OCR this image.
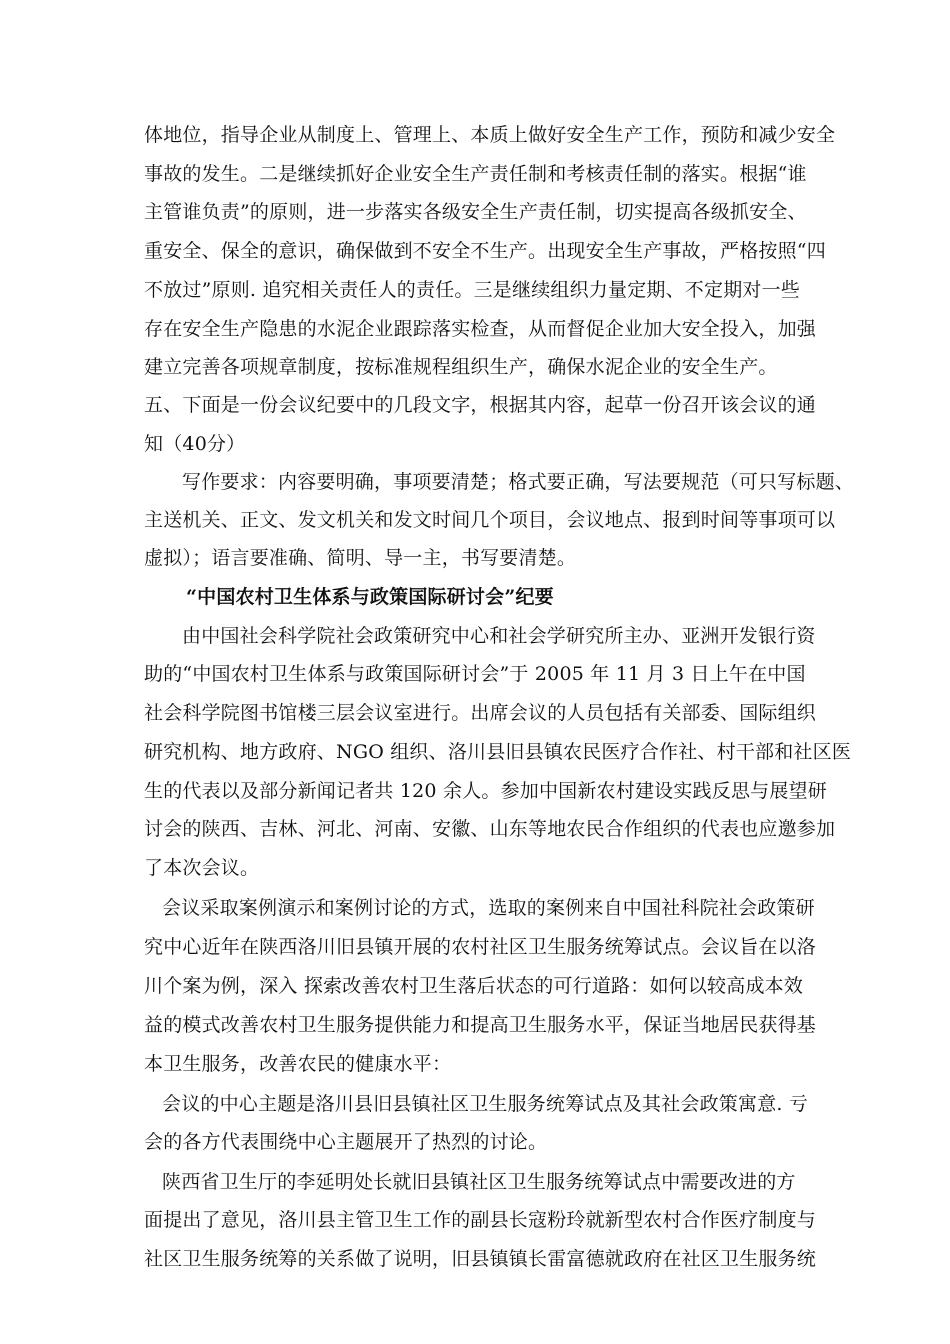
体地位，指导企业从制度上、管理上、本质上做好安全生产工作，预防和减少安全
事故的发生。二是继续抓好企业安全生产责任制和考核责任制的落实。根据“谁
主管谁负责”的原则，进一步落实各级安全生产责任制，切实提高各级抓安全、
重安全、保全的意识，确保做到不安全不生产。出现安全生产事故，严格按照“四
不放过”原则. 追究相关责任人的责任。三是继续组织力量定期、不定期对一些
存在安全生产隐患的水泥企业跟踪落实检查，从而督促企业加大安全投入，加强
建立完善各项规章制度，按标准规程组织生产，确保水泥企业的安全生产。
五、下面是一份会议纪要中的几段文字，根据其内容，起草一份召开该会议的通
知（40分）
写作要求：内容要明确，事项要清楚；格式要正确，写法要规范（可只写标题、
主送机关、正文、发文机关和发文时间几个项目，会议地点、报到时间等事项可以
虚拟）；语言要准确、简明、导一主，书写要清楚。
“中国农村卫生体系与政策国际研讨会”纪要
由中国社会科学院社会政策研究中心和社会学研究所主办、亚洲开发银行资
助的“中国农村卫生体系与政策国际研讨会”于 2005 年 11 月 3 日上午在中国
社会科学院图书馆楼三层会议室进行。出席会议的人员包括有关部委、国际组织
研究机构、地方政府、NGO 组织、洛川县旧县镇农民医疗合作社、村干部和社区医
生的代表以及部分新闻记者共 120 余人。参加中国新农村建设实践反思与展望研
讨会的陕西、吉林、河北、河南、安徽、山东等地农民合作组织的代表也应邀参加
了本次会议。
会议采取案例演示和案例讨论的方式，选取的案例来自中国社科院社会政策研
究中心近年在陕西洛川旧县镇开展的农村社区卫生服务统筹试点。会议旨在以洛
川个案为例，深入 探索改善农村卫生落后状态的可行道路：如何以较高成本效
益的模式改善农村卫生服务提供能力和提高卫生服务水平，保证当地居民获得基
本卫生服务，改善农民的健康水平：
会议的中心主题是洛川县旧县镇社区卫生服务统筹试点及其社会政策寓意. 亏
会的各方代表围绕中心主题展开了热烈的讨论。
陕西省卫生厅的李延明处长就旧县镇社区卫生服务统筹试点中需要改进的方
面提出了意见，洛川县主管卫生工作的副县长寇粉玲就新型农村合作医疗制度与
社区卫生服务统筹的关系做了说明，旧县镇镇长雷富德就政府在社区卫生服务统
